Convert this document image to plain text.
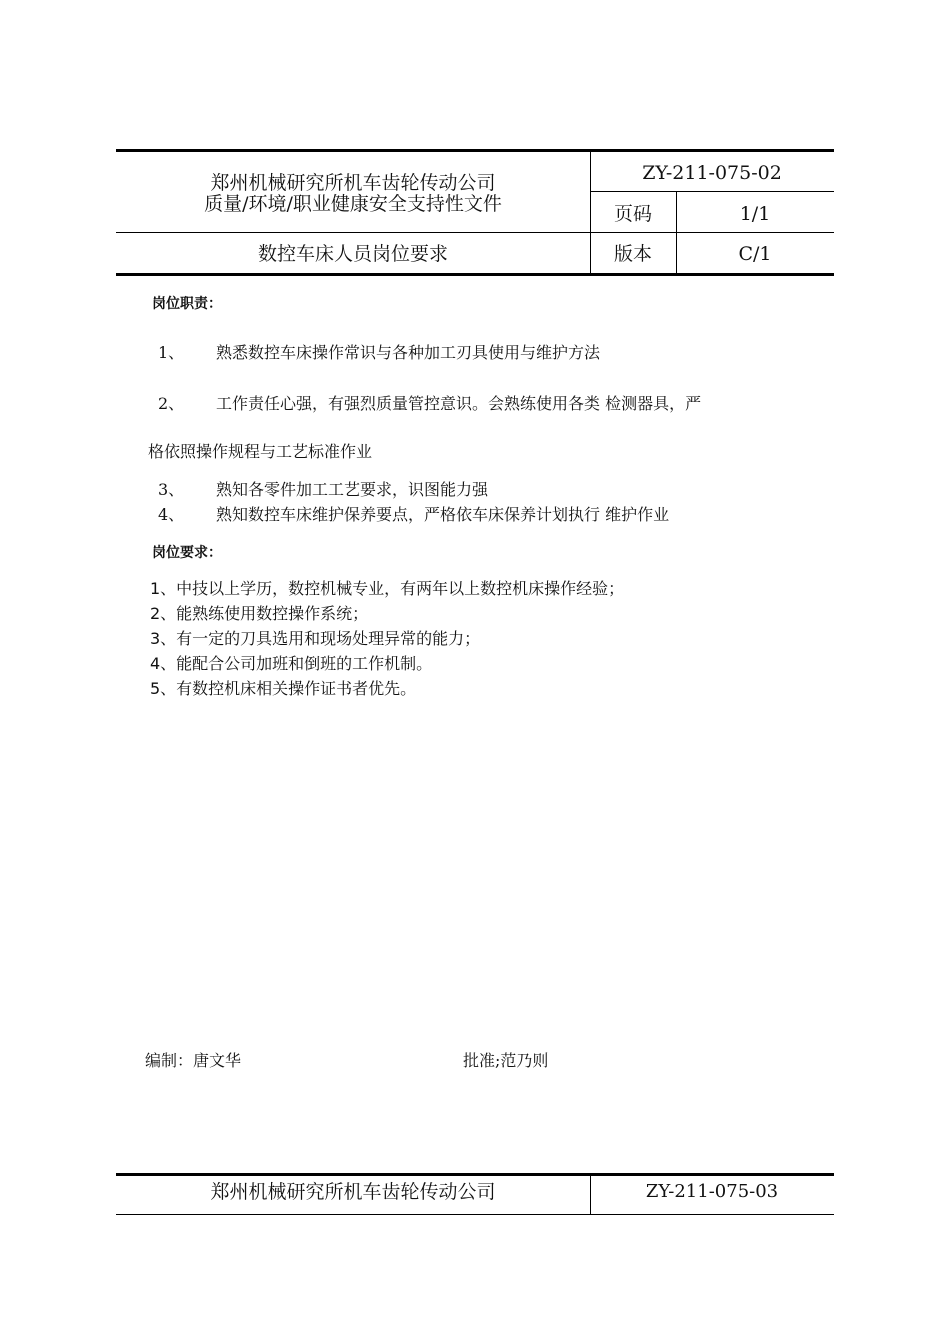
郑州机械研究所机车齿轮传动公司
质量/环境/职业健康安全支持性文件
ZY-211-075-02
页码	1/1
数控车床人员岗位要求	版本	C/1
岗位职责：
1、 熟悉数控车床操作常识与各种加工刃具使用与维护方法
2、 工作责任心强，有强烈质量管控意识。会熟练使用各类 检测器具，严
格依照操作规程与工艺标准作业
3、 熟知各零件加工工艺要求，识图能力强
4、 熟知数控车床维护保养要点，严格依车床保养计划执行 维护作业
岗位要求：
1、中技以上学历，数控机械专业，有两年以上数控机床操作经验；
2、能熟练使用数控操作系统；
3、有一定的刀具选用和现场处理异常的能力；
4、能配合公司加班和倒班的工作机制。
5、有数控机床相关操作证书者优先。
编制：唐文华	批准;范乃则
郑州机械研究所机车齿轮传动公司	ZY-211-075-03
